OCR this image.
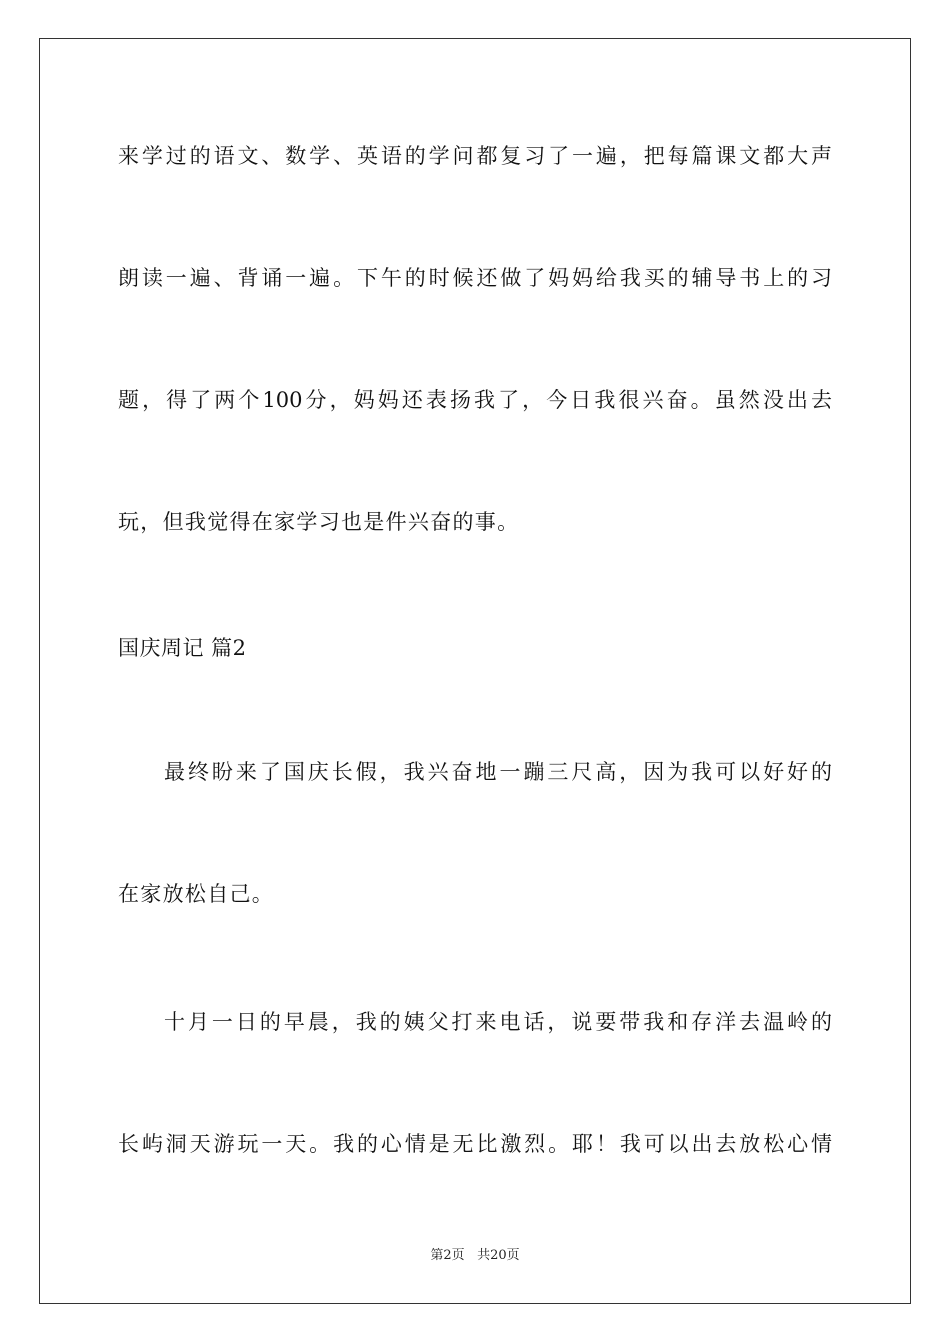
来学过的语文、数学、英语的学问都复习了一遍，把每篇课文都大声
朗读一遍、背诵一遍。下午的时候还做了妈妈给我买的辅导书上的习
题，得了两个100分，妈妈还表扬我了，今日我很兴奋。虽然没出去
玩，但我觉得在家学习也是件兴奋的事。
国庆周记 篇2
最终盼来了国庆长假，我兴奋地一蹦三尺高，因为我可以好好的
在家放松自己。
十月一日的早晨，我的姨父打来电话，说要带我和存洋去温岭的
长屿洞天游玩一天。我的心情是无比激烈。耶！我可以出去放松心情
第2页 共20页
